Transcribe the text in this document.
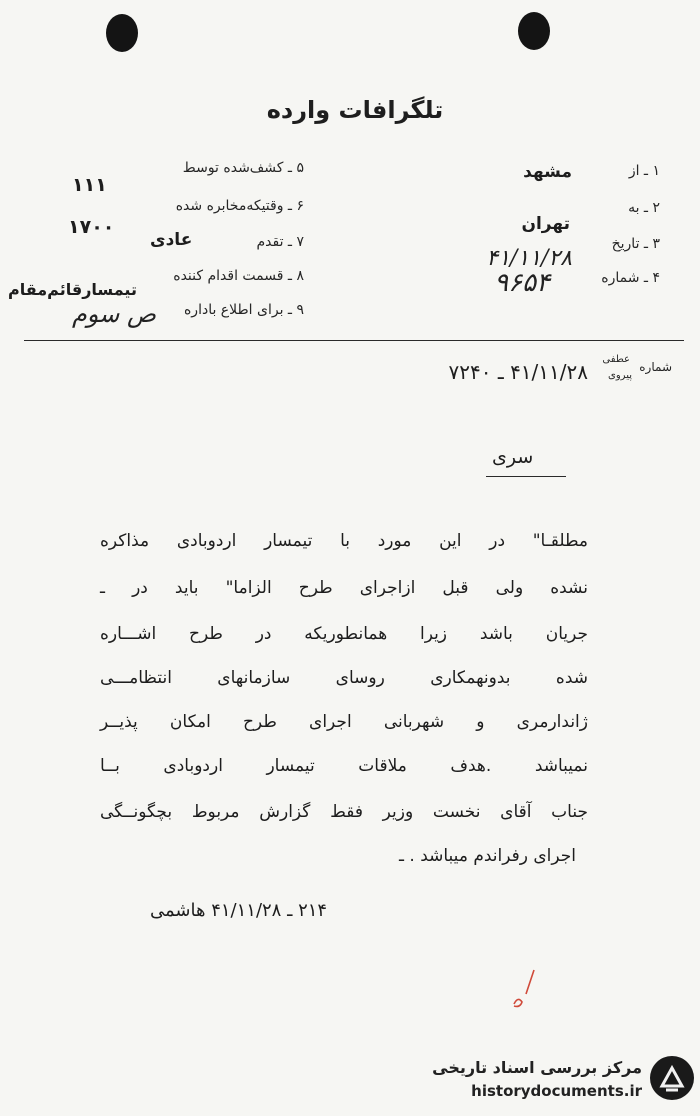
تلگرافات وارده
۱ ـ از
۲ ـ به
۳ ـ تاریخ
۴ ـ شماره
مشهد
تهران
۴۱/۱۱/۲۸
۹۶۵۴
۵ ـ کشف‌شده توسط
۶ ـ وقتیکه‌مخابره شده
۷ ـ تقدم
۸ ـ قسمت اقدام کننده
۹ ـ برای اطلاع باداره
۱۱۱
۱۷۰۰
عادی
تیمسارقائم‌مقام
ص سوم
شماره
عطفی
پیروی
۴۱/۱۱/۲۸ ـ ۷۲۴۰
سری
مطلقـا" در این مورد با تیمسار اردوبادی مذاکره
نشده ولی قبل ازاجرای طرح الزاما" باید در ـ
جریان باشد زیرا همانطوریکه در طرح اشـــاره
شده بدونهمکاری روسای سازمانهای انتظامـــی
ژاندارمری و شهربانی اجرای طرح امکان پذیــر
نمیباشد .هدف ملاقات تیمسار اردوبادی بــا
جناب آقای نخست وزیر فقط گزارش مربوط بچگونــگی
اجرای رفراندم میباشد . ـ
۲۱۴ ـ ۴۱/۱۱/۲۸ هاشمی
مرکز بررسی اسناد تاریخی
historydocuments.ir
